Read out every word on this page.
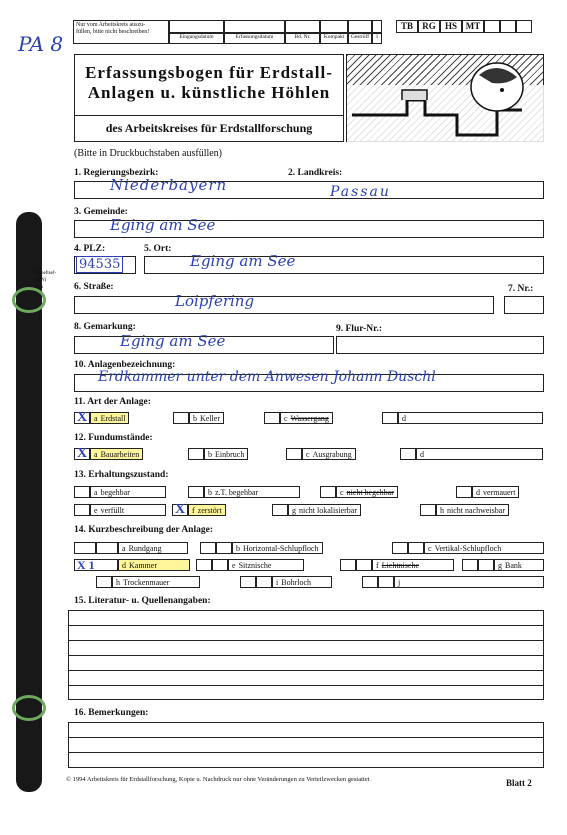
PA 8
Nur vom Arbeitskreis auszu-
füllen, bitte nicht beschreiben!
Eingangsdatum	Erfassungsdatum	Bd. Nr.	Kompakt	Gestrüff	1
TB	RG	HS MT
Erfassungsbogen für Erdstall-
Anlagen u. künstliche Höhlen
des Arbeitskreises für Erdstallforschung
(Bitte in Druckbuchstaben ausfüllen)
Einheftsef-
(DIN)
sites
1. Regierungsbezirk:	2. Landkreis:
Niederbayern	Passau
3. Gemeinde:
Eging am See
4. PLZ:	5. Ort:
94535	Eging am See
6. Straße:	7. Nr.:
Loipfering
8. Gemarkung:	9. Flur-Nr.:
Eging am See
10. Anlagenbezeichnung:
Erdkammer unter dem Anwesen Johann Duschl
11. Art der Anlage:
X a Erdstall	b Keller	c Wassergang	d
12. Fundumstände:
X a Bauarbeiten	b Einbruch	c Ausgrabung	d
13. Erhaltungszustand:
a begehbar	b z.T. begehbar	c nicht begehbar	d vermauert
e verfüllt	X f zerstört	g nicht lokalisierbar	h nicht nachweisbar
14. Kurzbeschreibung der Anlage:
a Rundgang	b Horizontal-Schlupfloch	c Vertikal-Schlupfloch
X 1	d Kammer	e Sitznische	f Lichtnische	g Bank
h Trockenmauer	i Bohrloch	j
15. Literatur- u. Quellenangaben:
16. Bemerkungen:
© 1994 Arbeitskreis für Erdstallforschung, Kopie u. Nachdruck nur ohne Veränderungen zu Verteilzwecken gestattet	Blatt 2
